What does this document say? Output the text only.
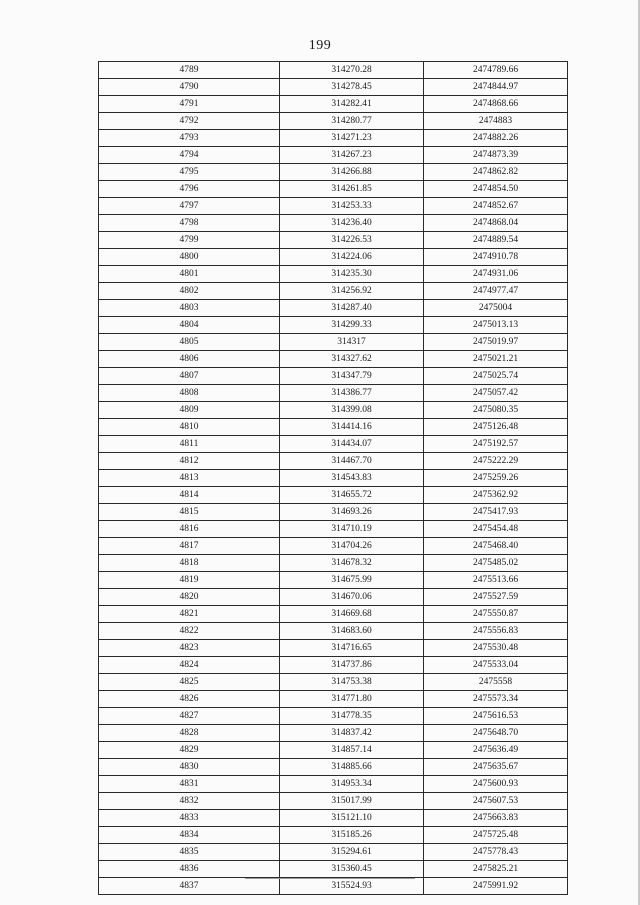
199
4789	314270.28	2474789.66
4790	314278.45	2474844.97
4791	314282.41	2474868.66
4792	314280.77	2474883
4793	314271.23	2474882.26
4794	314267.23	2474873.39
4795	314266.88	2474862.82
4796	314261.85	2474854.50
4797	314253.33	2474852.67
4798	314236.40	2474868.04
4799	314226.53	2474889.54
4800	314224.06	2474910.78
4801	314235.30	2474931.06
4802	314256.92	2474977.47
4803	314287.40	2475004
4804	314299.33	2475013.13
4805	314317	2475019.97
4806	314327.62	2475021.21
4807	314347.79	2475025.74
4808	314386.77	2475057.42
4809	314399.08	2475080.35
4810	314414.16	2475126.48
4811	314434.07	2475192.57
4812	314467.70	2475222.29
4813	314543.83	2475259.26
4814	314655.72	2475362.92
4815	314693.26	2475417.93
4816	314710.19	2475454.48
4817	314704.26	2475468.40
4818	314678.32	2475485.02
4819	314675.99	2475513.66
4820	314670.06	2475527.59
4821	314669.68	2475550.87
4822	314683.60	2475556.83
4823	314716.65	2475530.48
4824	314737.86	2475533.04
4825	314753.38	2475558
4826	314771.80	2475573.34
4827	314778.35	2475616.53
4828	314837.42	2475648.70
4829	314857.14	2475636.49
4830	314885.66	2475635.67
4831	314953.34	2475600.93
4832	315017.99	2475607.53
4833	315121.10	2475663.83
4834	315185.26	2475725.48
4835	315294.61	2475778.43
4836	315360.45	2475825.21
4837	315524.93	2475991.92
